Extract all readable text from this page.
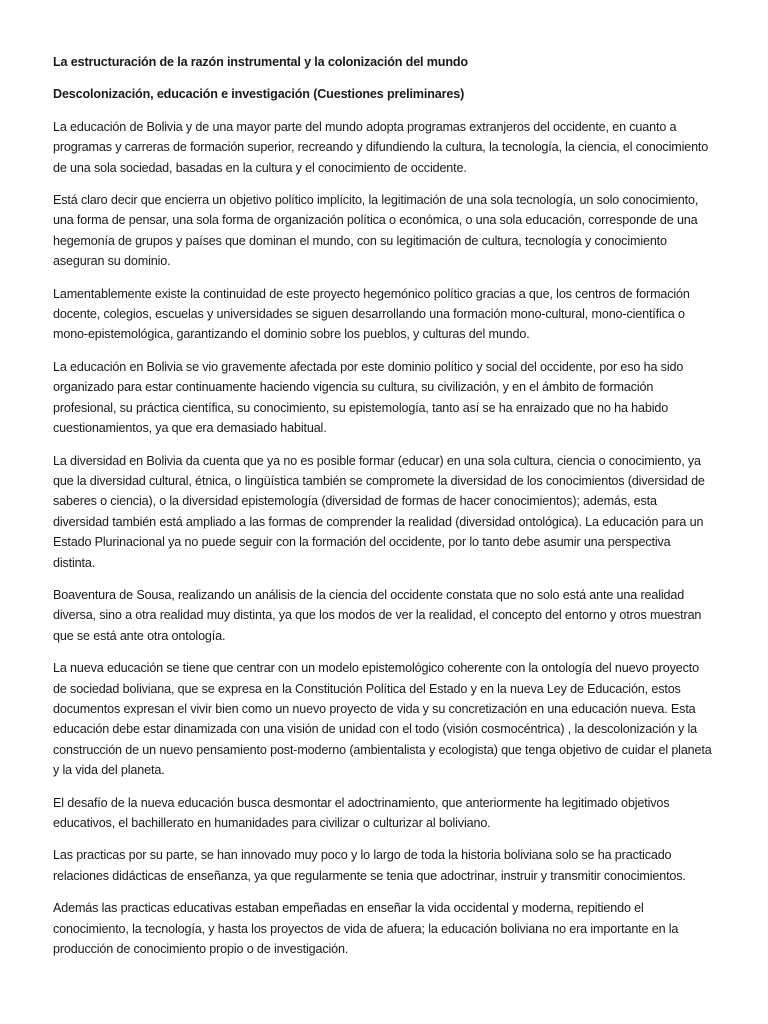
La estructuración de la razón instrumental y la colonización del mundo

Descolonización, educación e investigación (Cuestiones preliminares)

La educación de Bolivia y de una mayor parte del mundo adopta programas extranjeros del occidente, en cuanto a programas y carreras de formación superior, recreando y difundiendo la cultura, la tecnología, la ciencia, el conocimiento de una sola sociedad, basadas en la cultura y el conocimiento de occidente.

Está claro decir que encierra un objetivo político implícito, la legitimación de una sola tecnología, un solo conocimiento, una forma de pensar, una sola forma de organización política o económica, o una sola educación, corresponde de una hegemonía de grupos y países que dominan el mundo, con su legitimación de cultura, tecnología y conocimiento aseguran su dominio.

Lamentablemente existe la continuidad de este proyecto hegemónico político gracias a que, los centros de formación docente, colegios, escuelas y universidades se siguen desarrollando una formación mono-cultural, mono-científica o mono-epistemológica, garantizando el dominio sobre los pueblos, y culturas del mundo.

La educación en Bolivia se vio gravemente afectada por este dominio político y social del occidente, por eso ha sido organizado para estar continuamente haciendo vigencia su cultura, su civilización, y en el ámbito de formación profesional, su práctica científica, su conocimiento, su epistemología, tanto así se ha enraizado que no ha habido cuestionamientos, ya que era demasiado habitual.

La diversidad en Bolivia da cuenta que ya no es posible formar (educar) en una sola cultura, ciencia o conocimiento, ya que la diversidad cultural, étnica, o lingüística también se compromete la diversidad de los conocimientos (diversidad de saberes o ciencia), o la diversidad epistemología (diversidad de formas de hacer conocimientos); además, esta diversidad también está ampliado a las formas de comprender la realidad (diversidad ontológica). La educación para un Estado Plurinacional ya no puede seguir con la formación del occidente, por lo tanto debe asumir una perspectiva distinta.

Boaventura de Sousa, realizando un análisis de la ciencia del occidente constata que no solo está ante una realidad diversa, sino a otra realidad muy distinta, ya que los modos de ver la realidad, el concepto del entorno y otros muestran que se está ante otra ontología.

La nueva educación se tiene que centrar con un modelo epistemológico coherente con la ontología del nuevo proyecto de sociedad boliviana, que se expresa en la Constitución Política del Estado y en la nueva Ley de Educación, estos documentos expresan el vivir bien como un nuevo proyecto de vida y su concretización en una educación nueva. Esta educación debe estar dinamizada con una visión de unidad con el todo (visión cosmocéntrica) , la descolonización y la construcción de un nuevo pensamiento post-moderno (ambientalista y ecologista) que tenga objetivo de cuidar el planeta y la vida del planeta.

El desafío de la nueva educación busca desmontar el adoctrinamiento, que anteriormente ha legitimado objetivos educativos, el bachillerato en humanidades para civilizar o culturizar al boliviano.

Las practicas por su parte, se han innovado muy poco y lo largo de toda la historia boliviana solo se ha practicado relaciones didácticas de enseñanza, ya que regularmente se tenia que adoctrinar, instruir y transmitir conocimientos.

Además las practicas educativas estaban empeñadas en enseñar la vida occidental y moderna, repitiendo el conocimiento, la tecnología, y hasta los proyectos de vida de afuera; la educación boliviana no era importante en la producción de conocimiento propio o de investigación.
